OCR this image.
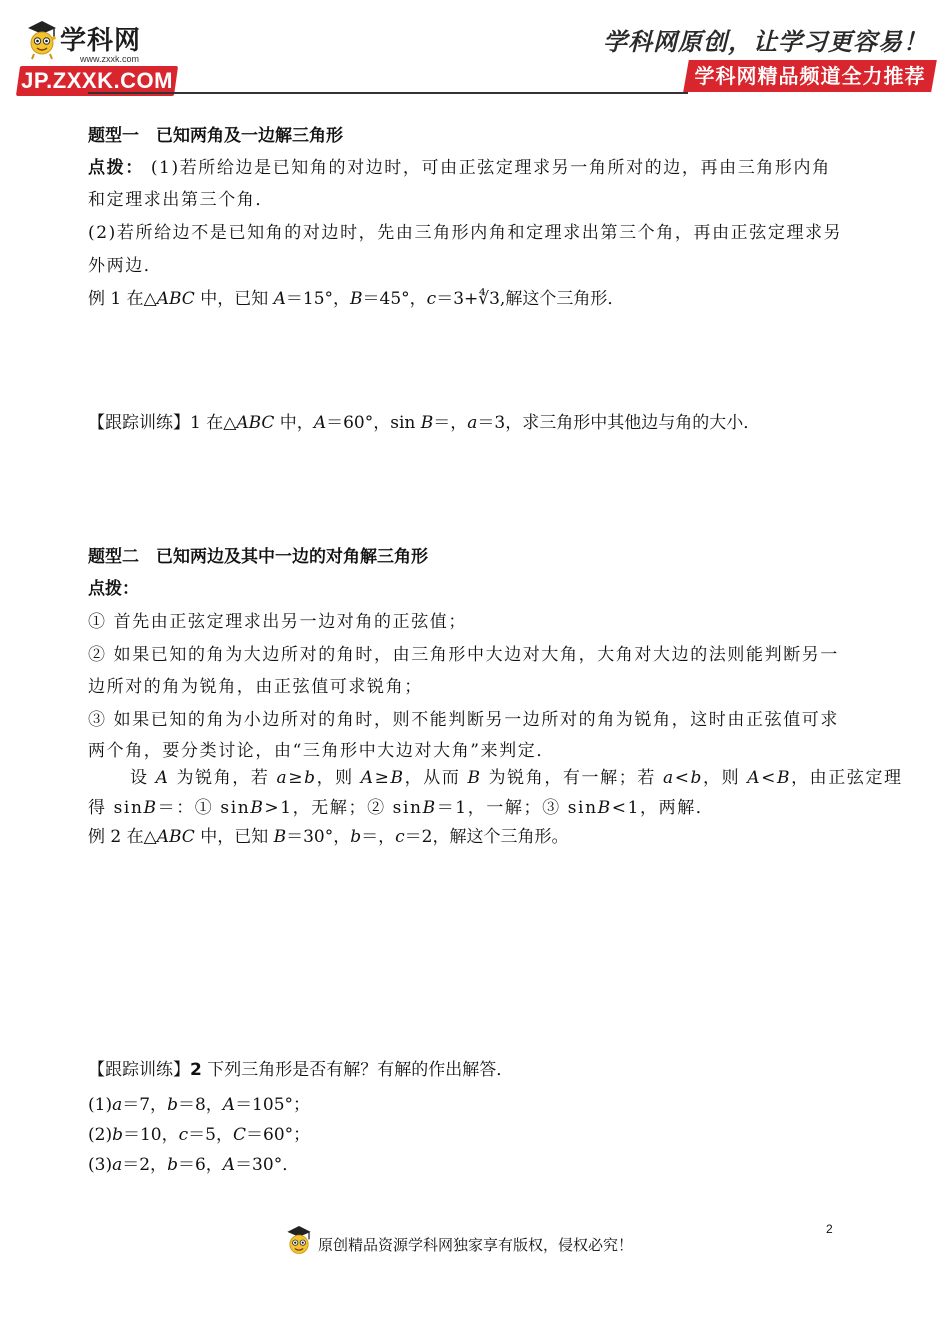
学科网
www.zxxk.com
JP.ZXXK.COM
学科网原创，让学习更容易！
学科网精品频道全力推荐
题型一　已知两角及一边解三角形
点拨： (1)若所给边是已知角的对边时，可由正弦定理求另一角所对的边，再由三角形内角
和定理求出第三个角．
(2)若所给边不是已知角的对边时，先由三角形内角和定理求出第三个角，再由正弦定理求另
外两边．
例 1 在△ABC 中，已知 A＝15°，B＝45°，c＝3+∜3,解这个三角形．
【跟踪训练】1 在△ABC 中，A＝60°，sin B＝，a＝3，求三角形中其他边与角的大小．
题型二　已知两边及其中一边的对角解三角形
点拨：
① 首先由正弦定理求出另一边对角的正弦值；
② 如果已知的角为大边所对的角时，由三角形中大边对大角，大角对大边的法则能判断另一
边所对的角为锐角，由正弦值可求锐角；
③ 如果已知的角为小边所对的角时，则不能判断另一边所对的角为锐角，这时由正弦值可求
两个角，要分类讨论，由“三角形中大边对大角”来判定．
设 A 为锐角，若 a≥b，则 A≥B，从而 B 为锐角，有一解；若 a<b，则 A<B，由正弦定理
得 sinB＝：① sinB>1，无解；② sinB＝1，一解；③ sinB<1，两解．
例 2 在△ABC 中，已知 B＝30°，b＝，c＝2，解这个三角形。
【跟踪训练】2 下列三角形是否有解？有解的作出解答．
(1)a＝7，b＝8，A＝105°；
(2)b＝10，c＝5，C＝60°；
(3)a＝2，b＝6，A＝30°．
2
原创精品资源学科网独家享有版权，侵权必究！
